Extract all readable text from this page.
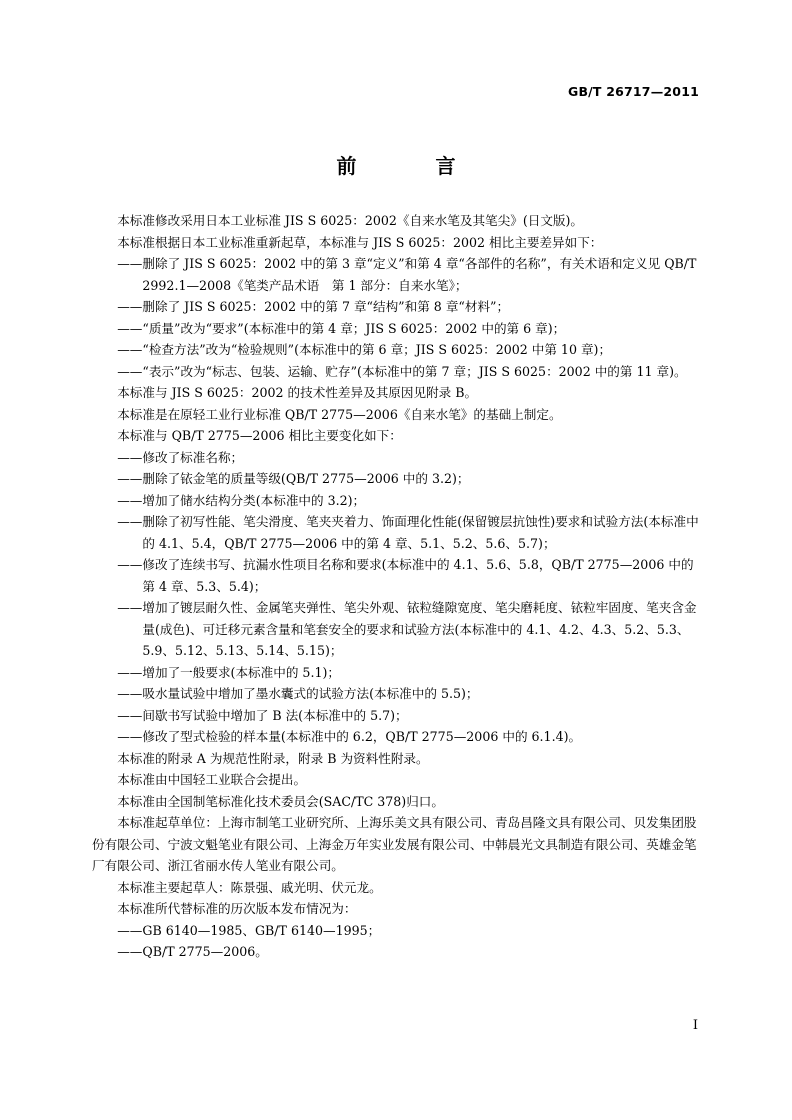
GB/T 26717—2011
前 言

本标准修改采用日本工业标准 JIS S 6025：2002《自来水笔及其笔尖》(日文版)。

本标准根据日本工业标准重新起草，本标准与 JIS S 6025：2002 相比主要差异如下：

——删除了 JIS S 6025：2002 中的第 3 章“定义”和第 4 章“各部件的名称”，有关术语和定义见 QB/T 2992.1—2008《笔类产品术语　第 1 部分：自来水笔》；

——删除了 JIS S 6025：2002 中的第 7 章“结构”和第 8 章“材料”；

——“质量”改为“要求”(本标准中的第 4 章；JIS S 6025：2002 中的第 6 章)；

——“检查方法”改为“检验规则”(本标准中的第 6 章；JIS S 6025：2002 中第 10 章)；

——“表示”改为“标志、包装、运输、贮存”(本标准中的第 7 章；JIS S 6025：2002 中的第 11 章)。

本标准与 JIS S 6025：2002 的技术性差异及其原因见附录 B。

本标准是在原轻工业行业标准 QB/T 2775—2006《自来水笔》的基础上制定。

本标准与 QB/T 2775—2006 相比主要变化如下：

——修改了标准名称；

——删除了铱金笔的质量等级(QB/T 2775—2006 中的 3.2)；

——增加了储水结构分类(本标准中的 3.2)；

——删除了初写性能、笔尖滑度、笔夹夹着力、饰面理化性能(保留镀层抗蚀性)要求和试验方法(本标准中的 4.1、5.4，QB/T 2775—2006 中的第 4 章、5.1、5.2、5.6、5.7)；

——修改了连续书写、抗漏水性项目名称和要求(本标准中的 4.1、5.6、5.8，QB/T 2775—2006 中的第 4 章、5.3、5.4)；

——增加了镀层耐久性、金属笔夹弹性、笔尖外观、铱粒缝隙宽度、笔尖磨耗度、铱粒牢固度、笔夹含金量(成色)、可迁移元素含量和笔套安全的要求和试验方法(本标准中的 4.1、4.2、4.3、5.2、5.3、5.9、5.12、5.13、5.14、5.15)；

——增加了一般要求(本标准中的 5.1)；

——吸水量试验中增加了墨水囊式的试验方法(本标准中的 5.5)；

——间歇书写试验中增加了 B 法(本标准中的 5.7)；

——修改了型式检验的样本量(本标准中的 6.2，QB/T 2775—2006 中的 6.1.4)。

本标准的附录 A 为规范性附录，附录 B 为资料性附录。

本标准由中国轻工业联合会提出。

本标准由全国制笔标准化技术委员会(SAC/TC 378)归口。

本标准起草单位：上海市制笔工业研究所、上海乐美文具有限公司、青岛昌隆文具有限公司、贝发集团股份有限公司、宁波文魁笔业有限公司、上海金万年实业发展有限公司、中韩晨光文具制造有限公司、英雄金笔厂有限公司、浙江省丽水传人笔业有限公司。

本标准主要起草人：陈景强、戚光明、伏元龙。

本标准所代替标准的历次版本发布情况为：

——GB 6140—1985、GB/T 6140—1995；

——QB/T 2775—2006。

I
